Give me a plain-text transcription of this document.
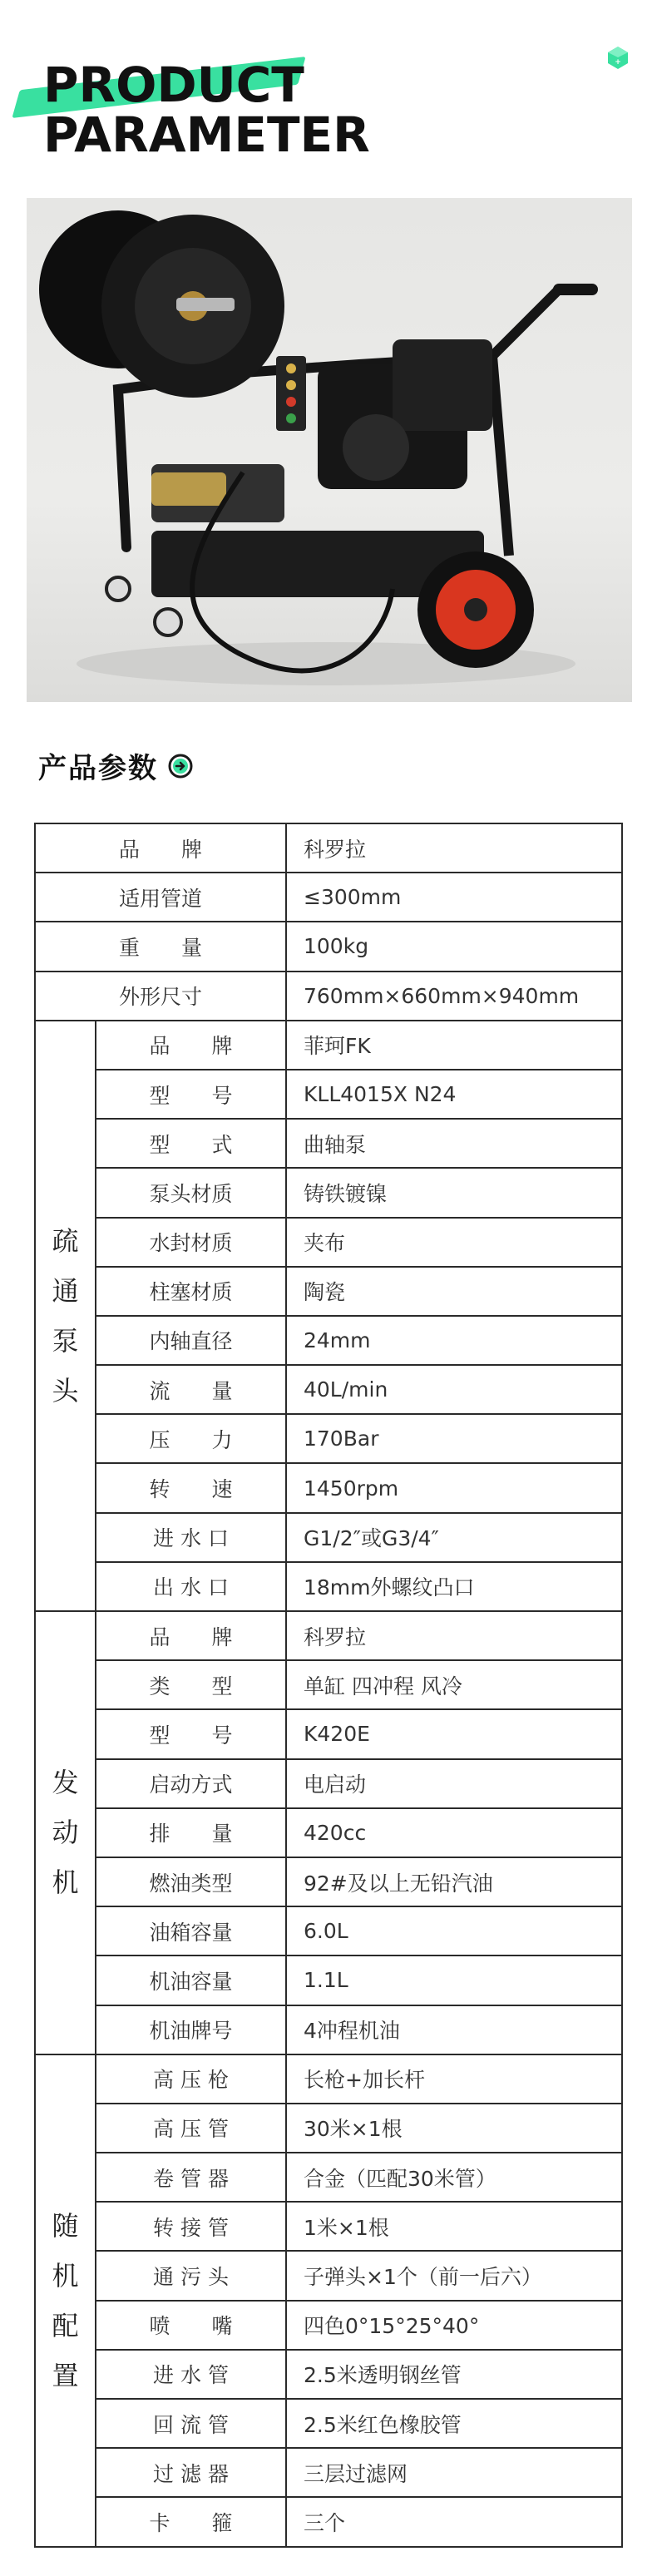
PRODUCT
PARAMETER
+
产品参数
品　　牌		科罗拉
适用管道		≤300mm
重　　量		100kg
外形尺寸		760mm×660mm×940mm

疏
通
泵
头	品　　牌	菲珂FK
	型　　号	KLL4015X N24
	型　　式	曲轴泵
	泵头材质	铸铁镀镍
	水封材质	夹布
	柱塞材质	陶瓷
	内轴直径	24mm
	流　　量	40L/min
	压　　力	170Bar
	转　　速	1450rpm
	进 水 口	G1/2″或G3/4″
	出 水 口	18mm外螺纹凸口

发
动
机	品　　牌	科罗拉
	类　　型	单缸 四冲程 风冷
	型　　号	K420E
	启动方式	电启动
	排　　量	420cc
	燃油类型	92#及以上无铅汽油
	油箱容量	6.0L
	机油容量	1.1L
	机油牌号	4冲程机油

随
机
配
置	高 压 枪	长枪+加长杆
	高 压 管	30米×1根
	卷 管 器	合金（匹配30米管）
	转 接 管	1米×1根
	通 污 头	子弹头×1个（前一后六）
	喷　　嘴	四色0°15°25°40°
	进 水 管	2.5米透明钢丝管
	回 流 管	2.5米红色橡胶管
	过 滤 器	三层过滤网
	卡　　箍	三个
